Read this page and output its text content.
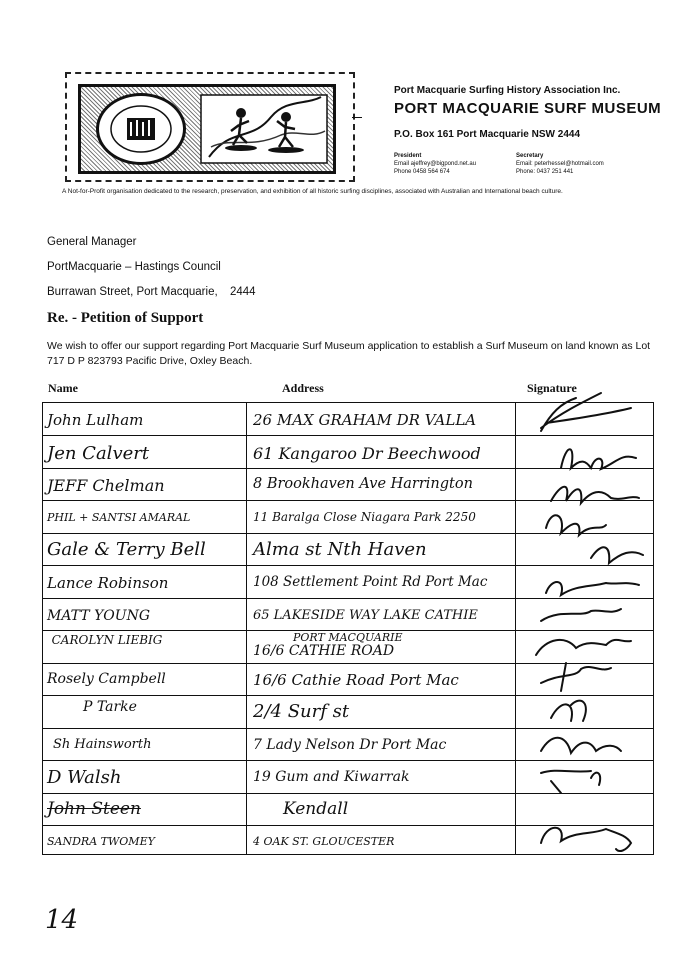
Port Macquarie Surfing History Association Inc.
PORT MACQUARIE SURF MUSEUM
P.O. Box 161 Port Macquarie NSW 2444
President
Email ajeffrey@bigpond.net.au
Phone 0458 564 674
Secretary
Email: peterhessel@hotmail.com
Phone: 0437 251 441
A Not-for-Profit organisation dedicated to the research, preservation, and exhibition of all historic surfing disciplines, associated with Australian and International beach culture.
General Manager
PortMacquarie – Hastings Council
Burrawan Street, Port Macquarie, 2444
Re. - Petition of Support
We wish to offer our support regarding Port Macquarie Surf Museum application to establish a Surf Museum on land known as Lot 717 D P 823793 Pacific Drive, Oxley Beach.
Name	Address	Signature
John Lulham	26 MAX GRAHAM DR VALLA
Jen Calvert	61 Kangaroo Dr Beechwood
JEFF Chelman	8 Brookhaven Ave Harrington
PHIL + SANTSI AMARAL	11 Baralga Close Niagara Park 2250
Gale & Terry Bell	Alma st Nth Haven
Lance Robinson	108 Settlement Point Rd Port Mac
MATT YOUNG	65 LAKESIDE WAY LAKE CATHIE
CAROLYN LIEBIG	PORT MACQUARIE
16/6 CATHIE ROAD
Rosely Campbell	16/6 Cathie Road Port Mac
P Tarke	2/4 Surf st
Sh Hainsworth	7 Lady Nelson Dr Port Mac
D Walsh	19 Gum and Kiwarrak
John Steen	Kendall
SANDRA TWOMEY	4 OAK ST. GLOUCESTER
14
